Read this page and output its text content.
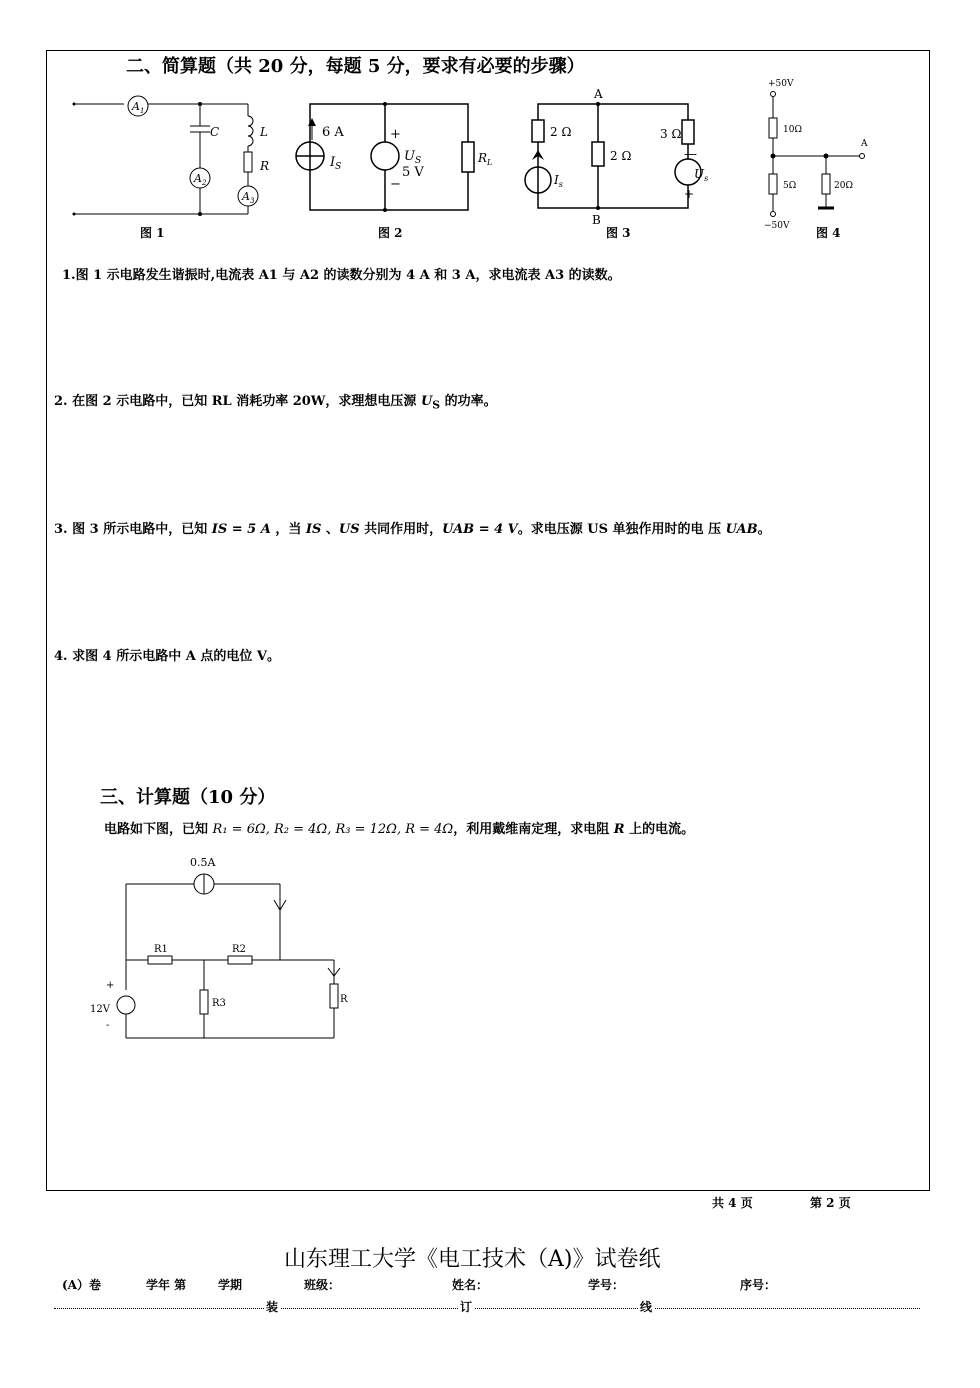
二、简算题（共 20 分，每题 5 分，要求有必要的步骤）
$A_1$
$A_2$
$A_3$
C	L
R
图 1
6 A
$I_S$
+
$U_S$
5 V
−
$R_L$
图 2
A
B
2 Ω
2 Ω
3 Ω
$I_s$
$U_s$
—
+
图 3
+50V
−50V
10Ω
5Ω	20Ω
A
图 4
1.图 1 示电路发生谐振时,电流表 A1 与 A2 的读数分别为 4 A 和 3 A，求电流表 A3 的读数。
2. 在图 2 示电路中，已知 RL 消耗功率 20W，求理想电压源 $U_S$ 的功率。
3. 图 3 所示电路中，已知 IS = 5 A ，当 IS 、US 共同作用时，UAB = 4 V。求电压源 US 单独作用时的电 压 UAB。
4. 求图 4 所示电路中 A 点的电位 V。
三、计算题（10 分）
电路如下图，已知 R₁ = 6Ω, R₂ = 4Ω, R₃ = 12Ω, R = 4Ω，利用戴维南定理，求电阻 R 上的电流。
0.5A
R1	R2
R3	R
12V
+
-
共 4 页	第 2 页
山东理工大学《电工技术（A)》试卷纸
(A）卷	学年 第	学期	班级：	姓名：	学号：	序号：
装	订	线
